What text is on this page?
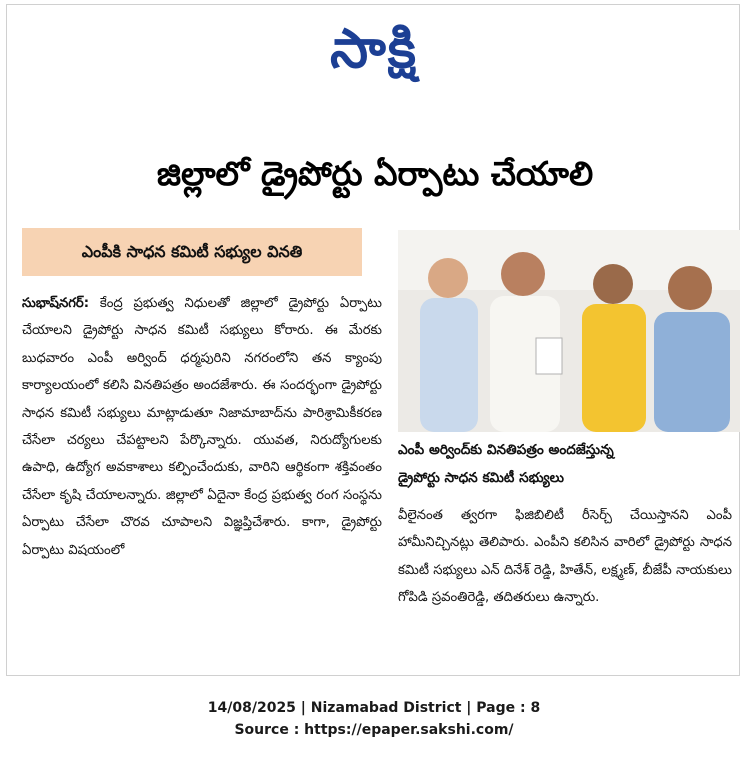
సాక్షి
జిల్లాలో డ్రైపోర్టు ఏర్పాటు చేయాలి
ఎంపీకి సాధన కమిటీ సభ్యుల వినతి

సుభాష్‌నగర్‌: కేంద్ర ప్రభుత్వ నిధులతో జిల్లాలో డ్రైపోర్టు ఏర్పాటు చేయాలని డ్రైపోర్టు సాధన కమిటీ సభ్యులు కోరారు. ఈ మేరకు బుధవారం ఎంపీ అర్వింద్‌ ధర్మపురిని నగరంలోని తన క్యాంపు కార్యాలయంలో కలిసి వినతిపత్రం అందజేశారు. ఈ సందర్భంగా డ్రైపోర్టు సాధన కమిటీ సభ్యులు మాట్లాడుతూ నిజామాబాద్‌ను పారిశ్రామికీకరణ చేసేలా చర్యలు చేపట్టాలని పేర్కొన్నారు. యువత, నిరుద్యోగులకు ఉపాధి, ఉద్యోగ అవకాశాలు కల్పించేందుకు, వారిని ఆర్థికంగా శక్తివంతం చేసేలా కృషి చేయాలన్నారు. జిల్లాలో ఏదైనా కేంద్ర ప్రభుత్వ రంగ సంస్థను ఏర్పాటు చేసేలా చొరవ చూపాలని విజ్ఞప్తిచేశారు. కాగా, డ్రైపోర్టు ఏర్పాటు విషయంలో

ఎంపీ అర్వింద్‌కు వినతిపత్రం అందజేస్తున్న
డ్రైపోర్టు సాధన కమిటీ సభ్యులు

వీలైనంత త్వరగా ఫిజిబిలిటీ రీసెర్చ్‌ చేయిస్తానని ఎంపీ హామీనిచ్చినట్లు తెలిపారు. ఎంపీని కలిసిన వారిలో డ్రైపోర్టు సాధన కమిటీ సభ్యులు ఎన్‌ దినేశ్‌ రెడ్డి, హితేన్‌, లక్ష్మణ్‌, బీజేపీ నాయకులు గోపిడి స్రవంతిరెడ్డి, తదితరులు ఉన్నారు.

14/08/2025 | Nizamabad District | Page : 8
Source : https://epaper.sakshi.com/
